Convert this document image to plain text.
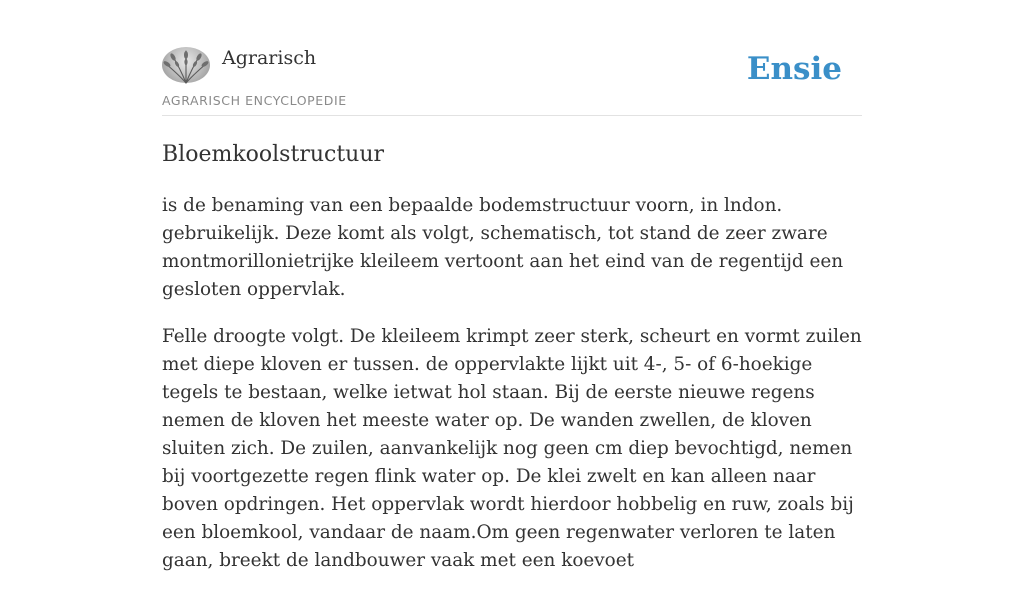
Agrarisch
AGRARISCH ENCYCLOPEDIE
Ensie
Bloemkoolstructuur

is de benaming van een bepaalde bodemstructuur voorn, in lndon. gebruikelijk. Deze komt als volgt, schematisch, tot stand de zeer zware montmorillonietrijke kleileem vertoont aan het eind van de regentijd een gesloten oppervlak.

Felle droogte volgt. De kleileem krimpt zeer sterk, scheurt en vormt zuilen met diepe kloven er tussen. de oppervlakte lijkt uit 4-, 5- of 6-hoekige tegels te bestaan, welke ietwat hol staan. Bij de eerste nieuwe regens nemen de kloven het meeste water op. De wanden zwellen, de kloven sluiten zich. De zuilen, aanvankelijk nog geen cm diep bevochtigd, nemen bij voortgezette regen flink water op. De klei zwelt en kan alleen naar boven opdringen. Het oppervlak wordt hierdoor hobbelig en ruw, zoals bij een bloemkool, vandaar de naam.Om geen regenwater verloren te laten gaan, breekt de landbouwer vaak met een koevoet
